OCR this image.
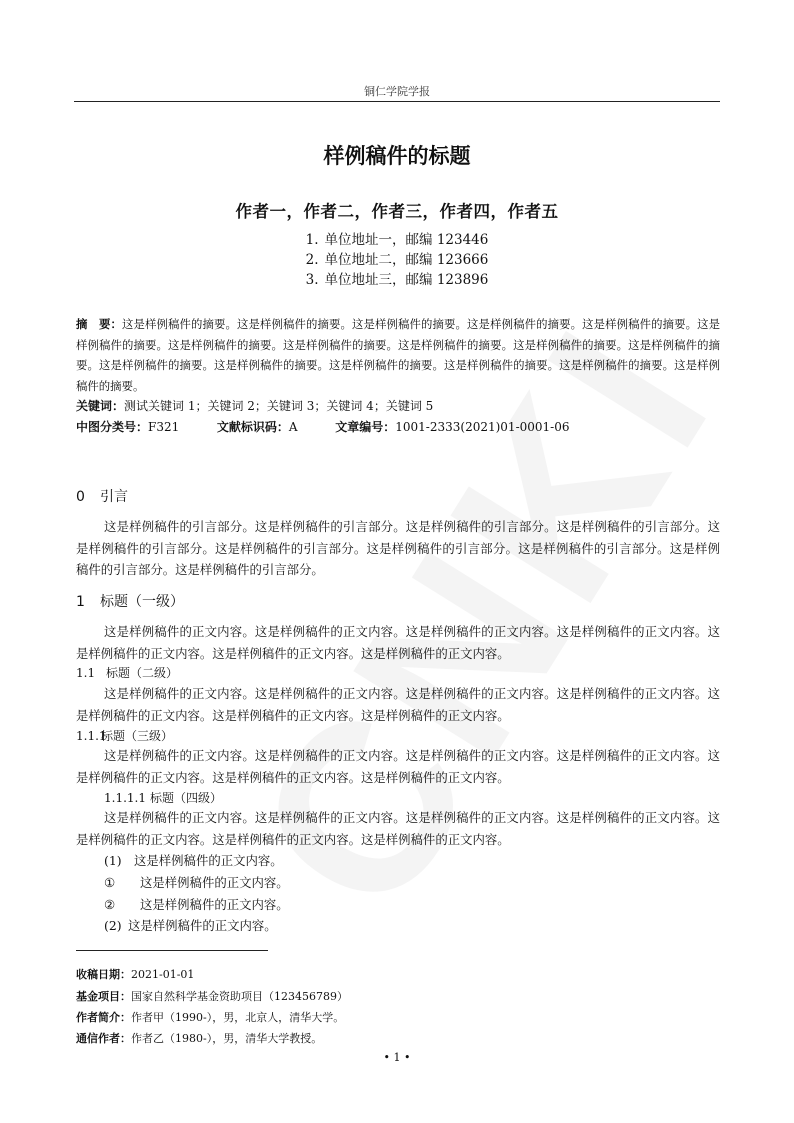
铜仁学院学报
样例稿件的标题
作者一，作者二，作者三，作者四，作者五
1. 单位地址一，邮编 123446
2. 单位地址二，邮编 123666
3. 单位地址三，邮编 123896
摘　要：这是样例稿件的摘要。这是样例稿件的摘要。这是样例稿件的摘要。这是样例稿件的摘要。这是样例稿件的摘要。这是样例稿件的摘要。这是样例稿件的摘要。这是样例稿件的摘要。这是样例稿件的摘要。这是样例稿件的摘要。这是样例稿件的摘要。这是样例稿件的摘要。这是样例稿件的摘要。这是样例稿件的摘要。这是样例稿件的摘要。这是样例稿件的摘要。这是样例稿件的摘要。
关键词：测试关键词 1；关键词 2；关键词 3；关键词 4；关键词 5
中图分类号：F321	文献标识码：A	文章编号：1001-2333(2021)01-0001-06
0 引言
这是样例稿件的引言部分。这是样例稿件的引言部分。这是样例稿件的引言部分。这是样例稿件的引言部分。这是样例稿件的引言部分。这是样例稿件的引言部分。这是样例稿件的引言部分。这是样例稿件的引言部分。这是样例稿件的引言部分。这是样例稿件的引言部分。
1 标题（一级）
这是样例稿件的正文内容。这是样例稿件的正文内容。这是样例稿件的正文内容。这是样例稿件的正文内容。这是样例稿件的正文内容。这是样例稿件的正文内容。这是样例稿件的正文内容。
1.1 标题（二级）
这是样例稿件的正文内容。这是样例稿件的正文内容。这是样例稿件的正文内容。这是样例稿件的正文内容。这是样例稿件的正文内容。这是样例稿件的正文内容。这是样例稿件的正文内容。
1.1.1标题（三级）
这是样例稿件的正文内容。这是样例稿件的正文内容。这是样例稿件的正文内容。这是样例稿件的正文内容。这是样例稿件的正文内容。这是样例稿件的正文内容。这是样例稿件的正文内容。
1.1.1.1 标题（四级）
这是样例稿件的正文内容。这是样例稿件的正文内容。这是样例稿件的正文内容。这是样例稿件的正文内容。这是样例稿件的正文内容。这是样例稿件的正文内容。这是样例稿件的正文内容。
(1) 这是样例稿件的正文内容。
① 这是样例稿件的正文内容。
② 这是样例稿件的正文内容。
(2) 这是样例稿件的正文内容。
收稿日期：2021-01-01
基金项目：国家自然科学基金资助项目（123456789）
作者简介：作者甲（1990-），男，北京人，清华大学。
通信作者：作者乙（1980-），男，清华大学教授。
• 1 •
